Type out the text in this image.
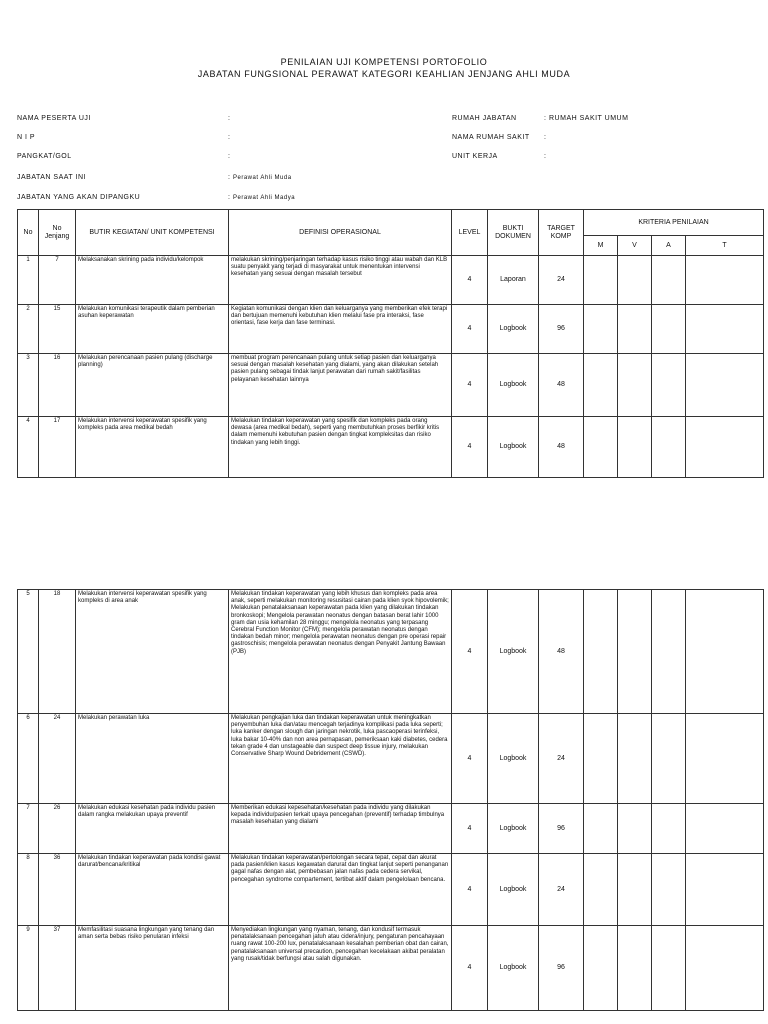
PENILAIAN UJI KOMPETENSI PORTOFOLIO
JABATAN FUNGSIONAL PERAWAT KATEGORI KEAHLIAN JENJANG AHLI MUDA
NAMA PESERTA UJI	:
N I P	:
PANGKAT/GOL	:
JABATAN SAAT INI	: Perawat Ahli Muda
JABATAN YANG AKAN DIPANGKU	: Perawat Ahli Madya
RUMAH JABATAN	: RUMAH SAKIT UMUM
NAMA RUMAH SAKIT :
UNIT KERJA	:
No	No Jenjang	BUTIR KEGIATAN/ UNIT KOMPETENSI	DEFINISI OPERASIONAL	LEVEL	BUKTI DOKUMEN	TARGET KOMP	KRITERIA PENILAIAN			
							M	V	A	T
1	7	Melaksanakan skrining pada individu/kelompok	melakukan skrining/penjaringan terhadap kasus risiko tinggi atau wabah dan KLB suatu penyakit yang terjadi di masyarakat untuk menentukan intervensi kesehatan yang sesuai dengan masalah tersebut	4	Laporan	24				
2	15	Melakukan komunikasi terapeutik dalam pemberian asuhan keperawatan	Kegiatan komunikasi dengan klien dan keluarganya yang memberikan efek terapi dan bertujuan memenuhi kebutuhan klien melalui fase pra interaksi, fase orientasi, fase kerja dan fase terminasi.	4	Logbook	96				
3	16	Melakukan perencanaan pasien pulang (discharge planning)	membuat program perencanaan pulang untuk setiap pasien dan keluarganya sesuai dengan masalah kesehatan yang dialami, yang akan dilakukan setelah pasien pulang sebagai tindak lanjut perawatan dari rumah sakit/fasilitas pelayanan kesehatan lainnya	4	Logbook	48				
4	17	Melakukan intervensi keperawatan spesifik yang kompleks pada area medikal bedah	Melakukan tindakan keperawatan yang spesifik dan kompleks pada orang dewasa (area medikal bedah), seperti yang membutuhkan proses berfikir kritis dalam memenuhi kebutuhan pasien dengan tingkat kompleksitas dan risiko tindakan yang lebih tinggi.	4	Logbook	48				
5	18	Melakukan intervensi keperawatan spesifik yang kompleks di area anak	Melakukan tindakan keperawatan yang lebih khusus dan kompleks pada area anak, seperti melakukan monitoring resusitasi cairan pada klien syok hipovolemik; Melakukan penatalaksanaan keperawatan pada klien yang dilakukan tindakan bronkoskopi; Mengelola perawatan neonatus dengan batasan berat lahir 1000 gram dan usia kehamilan 28 minggu; mengelola neonatus yang terpasang Cerebral Function Monitor (CFM); mengelola perawatan neonatus dengan tindakan bedah minor; mengelola perawatan neonatus dengan pre operasi repair gastroschisis; mengelola perawatan neonatus dengan Penyakit Jantung Bawaan (PJB)	4	Logbook	48				
6	24	Melakukan perawatan luka	Melakukan pengkajian luka dan tindakan keperawatan untuk meningkatkan penyembuhan luka dan/atau mencegah terjadinya komplikasi pada luka seperti; luka kanker dengan slough dan jaringan nekrotik, luka pascaoperasi terinfeksi, luka bakar 10-40% dan non area pernapasan, pemeriksaan kaki diabetes, cedera tekan grade 4 dan unstageable dan suspect deep tissue injury, melakukan Conservative Sharp Wound Debridement (CSWD).	4	Logbook	24				
7	26	Melakukan edukasi kesehatan pada individu pasien dalam rangka melakukan upaya preventif	Memberikan edukasi kepesehatan/kesehatan pada individu yang dilakukan kepada individu/pasien terkait upaya pencegahan (preventif) terhadap timbulnya masalah kesehatan yang dialami	4	Logbook	96				
8	36	Melakukan tindakan keperawatan pada kondisi gawat darurat/bencana/kritikal	Melakukan tindakan keperawatan/pertolongan secara tepat, cepat dan akurat pada pasien/klien kasus kegawatan darurat dan tingkat lanjut seperti penanganan gagal nafas dengan alat, pembebasan jalan nafas pada cedera servikal, pencegahan syndrome compartement, tertibat aktif dalam pengelolaan bencana.	4	Logbook	24				
9	37	Memfasilitasi suasana lingkungan yang tenang dan aman serta bebas risiko penularan infeksi	Menyediakan lingkungan yang nyaman, tenang, dan kondusif termasuk penatalaksanaan pencegahan jatuh atau cidera/injury, pengaturan pencahayaan ruang rawat 100-200 lux, penatalaksanaan kesalahan pemberian obat dan cairan, penatalaksanaan universal precaution, pencegahan kecelakaan akibat peralatan yang rusak/tidak berfungsi atau salah digunakan.	4	Logbook	96				
